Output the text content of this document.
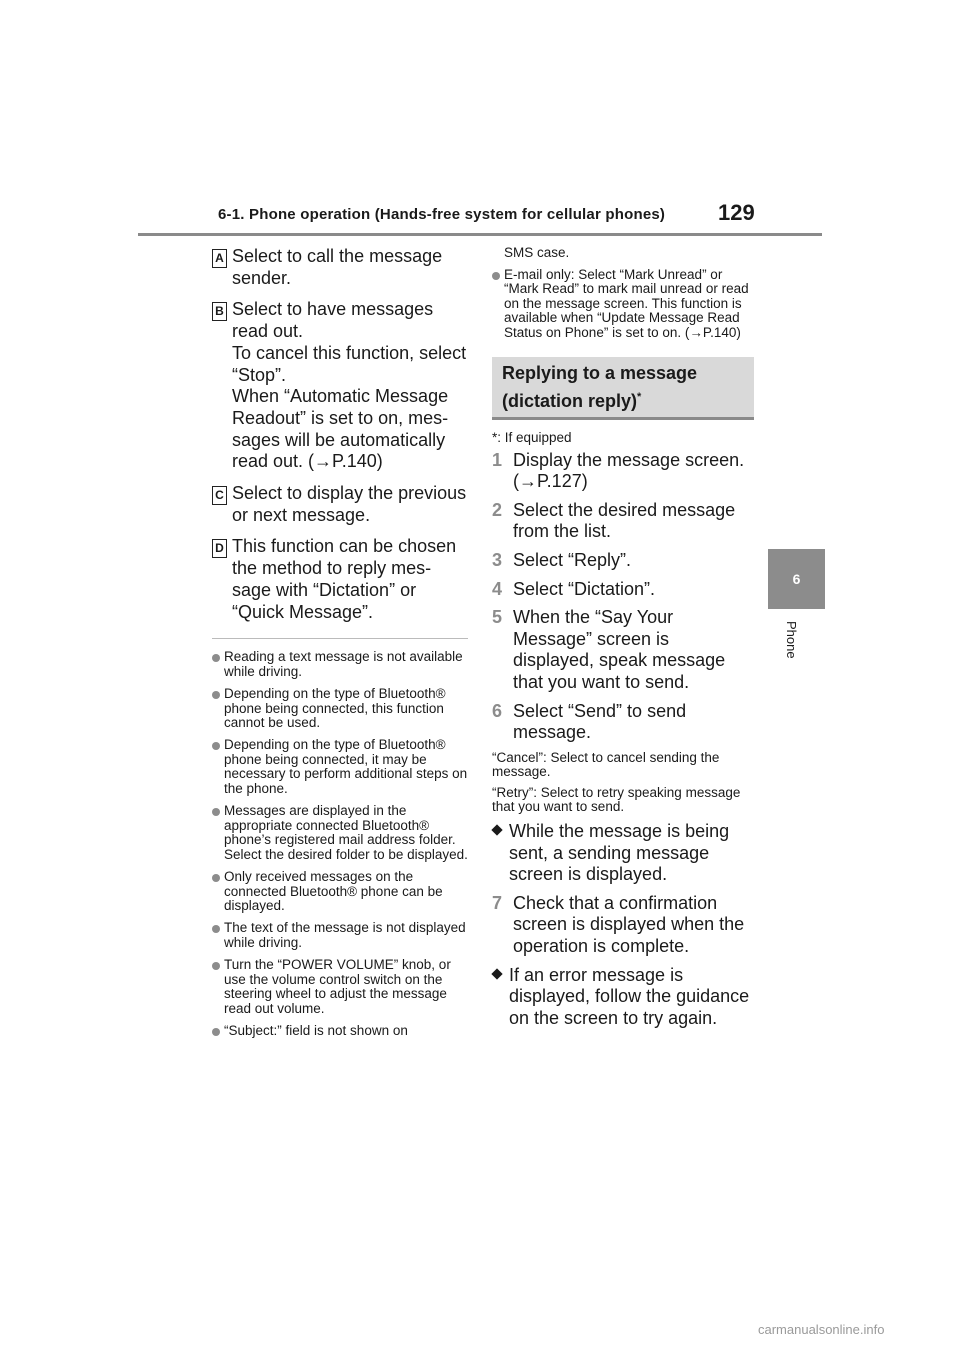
6-1. Phone operation (Hands-free system for cellular phones) 129
6
Phone
A Select to call the message

sender.

B Select to have messages

read out.

To cancel this function, select

“Stop”.

When “Automatic Message

Readout” is set to on, mes-

sages will be automatically

read out. (→P.140)

C Select to display the previous

or next message.

D This function can be chosen

the method to reply mes-

sage with “Dictation” or

“Quick Message”.

Reading a text message is not available while driving.
Depending on the type of Bluetooth® phone being connected, this function cannot be used.
Depending on the type of Bluetooth® phone being connected, it may be necessary to perform additional steps on the phone.
Messages are displayed in the appropriate connected Bluetooth® phone’s registered mail address folder. Select the desired folder to be displayed.
Only received messages on the connected Bluetooth® phone can be displayed.
The text of the message is not displayed while driving.
Turn the “POWER VOLUME” knob, or use the volume control switch on the steering wheel to adjust the message read out volume.
“Subject:” field is not shown on
SMS case.
E-mail only: Select “Mark Unread” or “Mark Read” to mark mail unread or read on the message screen. This function is available when “Update Message Read Status on Phone” is set to on. (→P.140)
Replying to a message (dictation reply)*
*: If equipped
1 Display the message screen. (→P.127)
2 Select the desired message from the list.
3 Select “Reply”.
4 Select “Dictation”.
5 When the “Say Your Message” screen is displayed, speak message that you want to send.
6 Select “Send” to send message.
“Cancel”: Select to cancel sending the message.
“Retry”: Select to retry speaking message that you want to send.
While the message is being sent, a sending message screen is displayed.
7 Check that a confirmation screen is displayed when the operation is complete.
If an error message is displayed, follow the guidance on the screen to try again.
carmanualsonline.info
